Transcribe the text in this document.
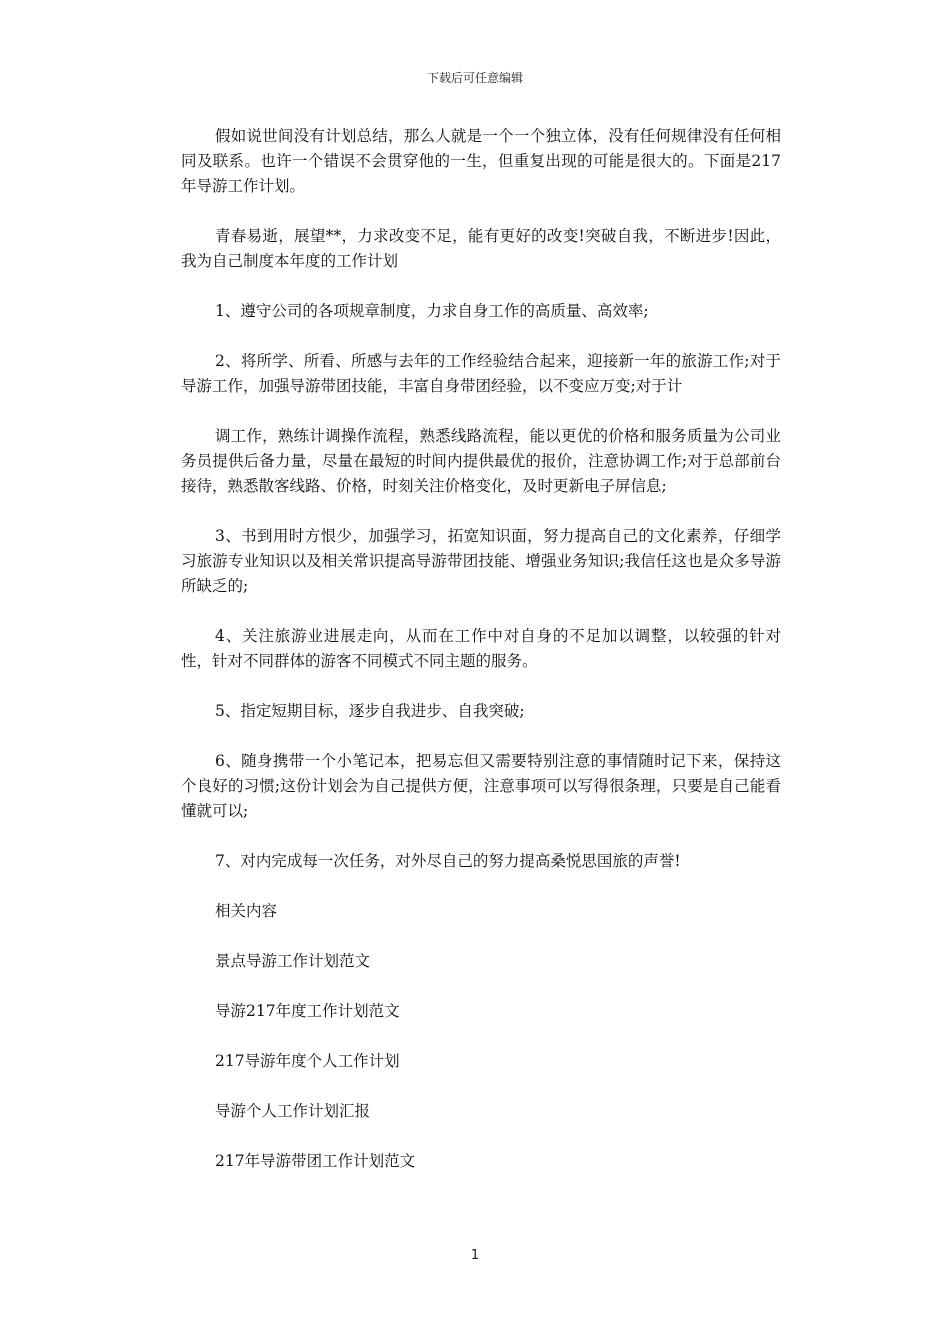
下载后可任意编辑

假如说世间没有计划总结，那么人就是一个一个独立体，没有任何规律没有任何相同及联系。也许一个错误不会贯穿他的一生，但重复出现的可能是很大的。下面是217年导游工作计划。

青春易逝，展望**，力求改变不足，能有更好的改变!突破自我，不断进步!因此，我为自己制度本年度的工作计划

1、遵守公司的各项规章制度，力求自身工作的高质量、高效率;

2、将所学、所看、所感与去年的工作经验结合起来，迎接新一年的旅游工作;对于导游工作，加强导游带团技能，丰富自身带团经验，以不变应万变;对于计

调工作，熟练计调操作流程，熟悉线路流程，能以更优的价格和服务质量为公司业务员提供后备力量，尽量在最短的时间内提供最优的报价，注意协调工作;对于总部前台接待，熟悉散客线路、价格，时刻关注价格变化，及时更新电子屏信息;

3、书到用时方恨少，加强学习，拓宽知识面，努力提高自己的文化素养，仔细学习旅游专业知识以及相关常识提高导游带团技能、增强业务知识;我信任这也是众多导游所缺乏的;

4、关注旅游业进展走向，从而在工作中对自身的不足加以调整，以较强的针对性，针对不同群体的游客不同模式不同主题的服务。

5、指定短期目标，逐步自我进步、自我突破;

6、随身携带一个小笔记本，把易忘但又需要特别注意的事情随时记下来，保持这个良好的习惯;这份计划会为自己提供方便，注意事项可以写得很条理，只要是自己能看懂就可以;

7、对内完成每一次任务，对外尽自己的努力提高桑悦思国旅的声誉!

相关内容

景点导游工作计划范文

导游217年度工作计划范文

217导游年度个人工作计划

导游个人工作计划汇报

217年导游带团工作计划范文

1
